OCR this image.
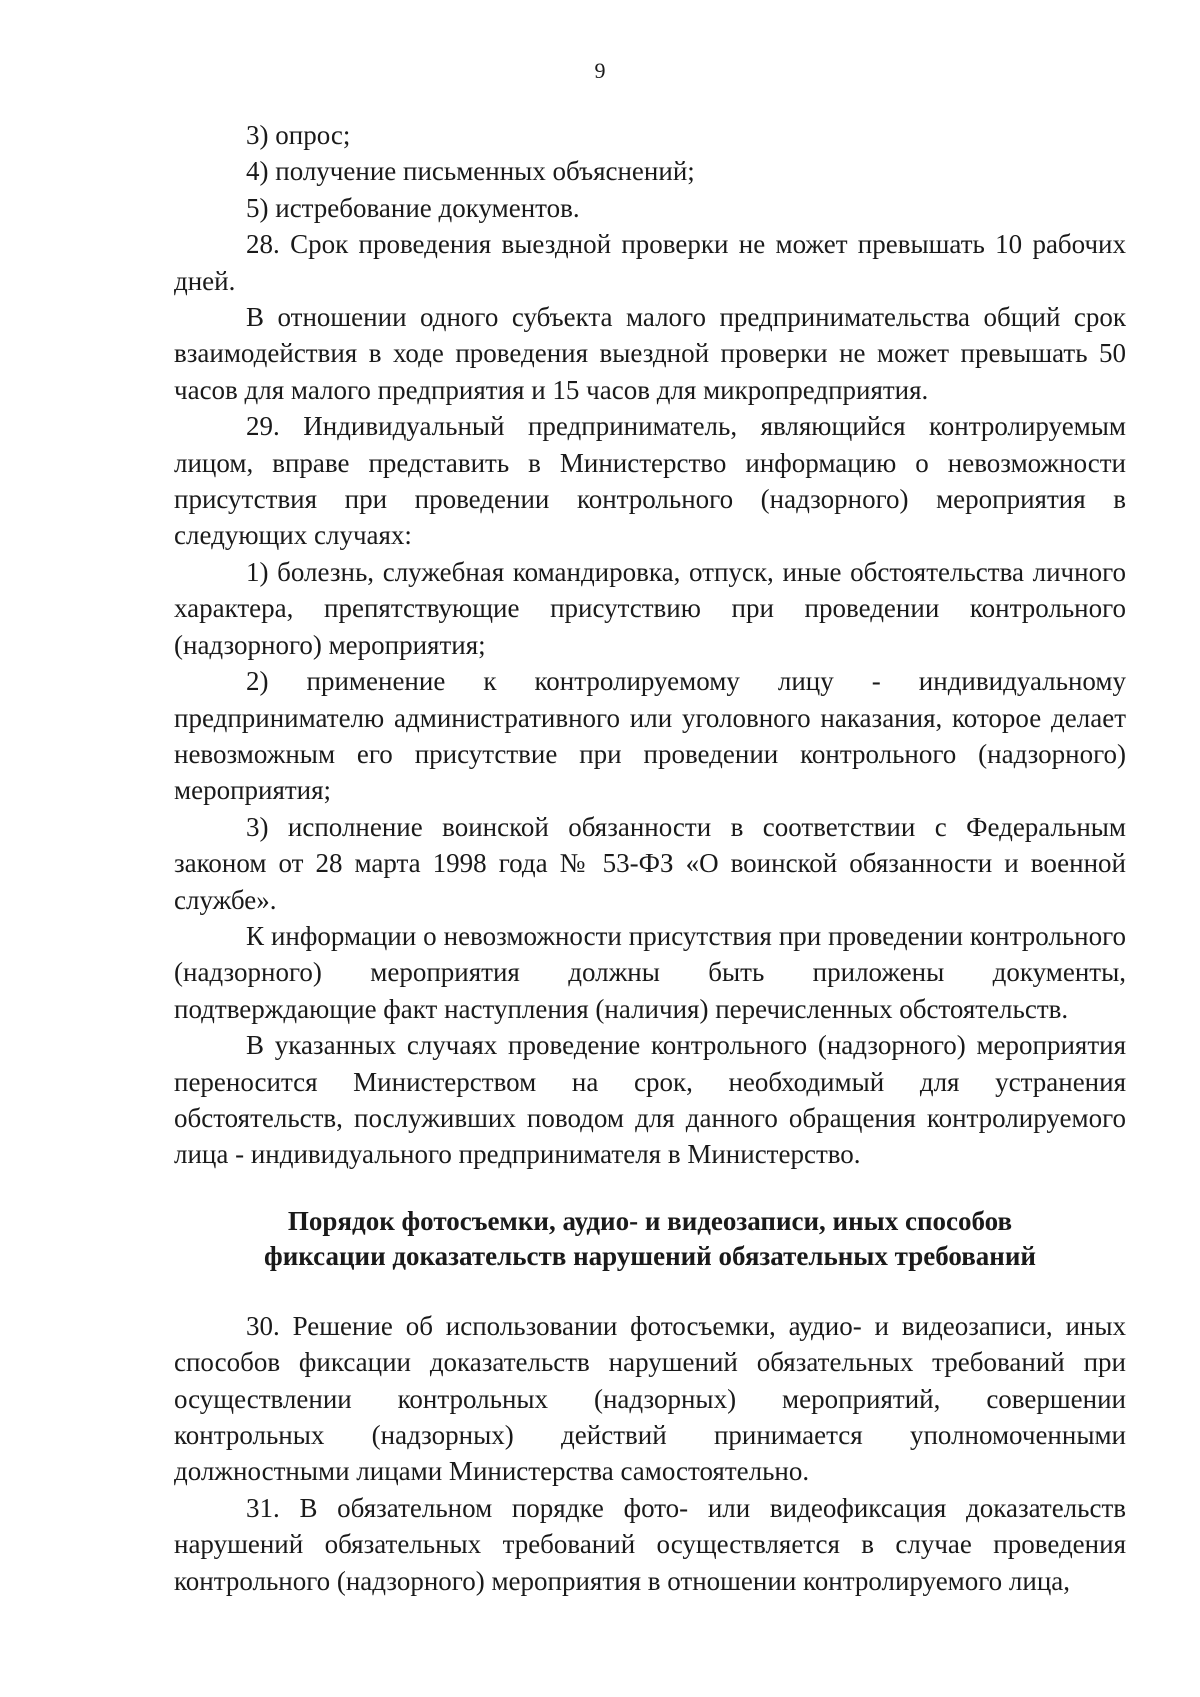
9

3) опрос;

4) получение письменных объяснений;

5) истребование документов.

28. Срок проведения выездной проверки не может превышать 10 рабочих дней.

В отношении одного субъекта малого предпринимательства общий срок взаимодействия в ходе проведения выездной проверки не может превышать 50 часов для малого предприятия и 15 часов для микропредприятия.

29. Индивидуальный предприниматель, являющийся контролируемым лицом, вправе представить в Министерство информацию о невозможности присутствия при проведении контрольного (надзорного) мероприятия в следующих случаях:

1) болезнь, служебная командировка, отпуск, иные обстоятельства личного характера, препятствующие присутствию при проведении контрольного (надзорного) мероприятия;

2) применение к контролируемому лицу - индивидуальному предпринимателю административного или уголовного наказания, которое делает невозможным его присутствие при проведении контрольного (надзорного) мероприятия;

3) исполнение воинской обязанности в соответствии с Федеральным законом от 28 марта 1998 года № 53-ФЗ «О воинской обязанности и военной службе».

К информации о невозможности присутствия при проведении контрольного (надзорного) мероприятия должны быть приложены документы, подтверждающие факт наступления (наличия) перечисленных обстоятельств.

В указанных случаях проведение контрольного (надзорного) мероприятия переносится Министерством на срок, необходимый для устранения обстоятельств, послуживших поводом для данного обращения контролируемого лица - индивидуального предпринимателя в Министерство.

Порядок фотосъемки, аудио- и видеозаписи, иных способов
фиксации доказательств нарушений обязательных требований

30. Решение об использовании фотосъемки, аудио- и видеозаписи, иных способов фиксации доказательств нарушений обязательных требований при осуществлении контрольных (надзорных) мероприятий, совершении контрольных (надзорных) действий принимается уполномоченными должностными лицами Министерства самостоятельно.

31. В обязательном порядке фото- или видеофиксация доказательств нарушений обязательных требований осуществляется в случае проведения контрольного (надзорного) мероприятия в отношении контролируемого лица,
